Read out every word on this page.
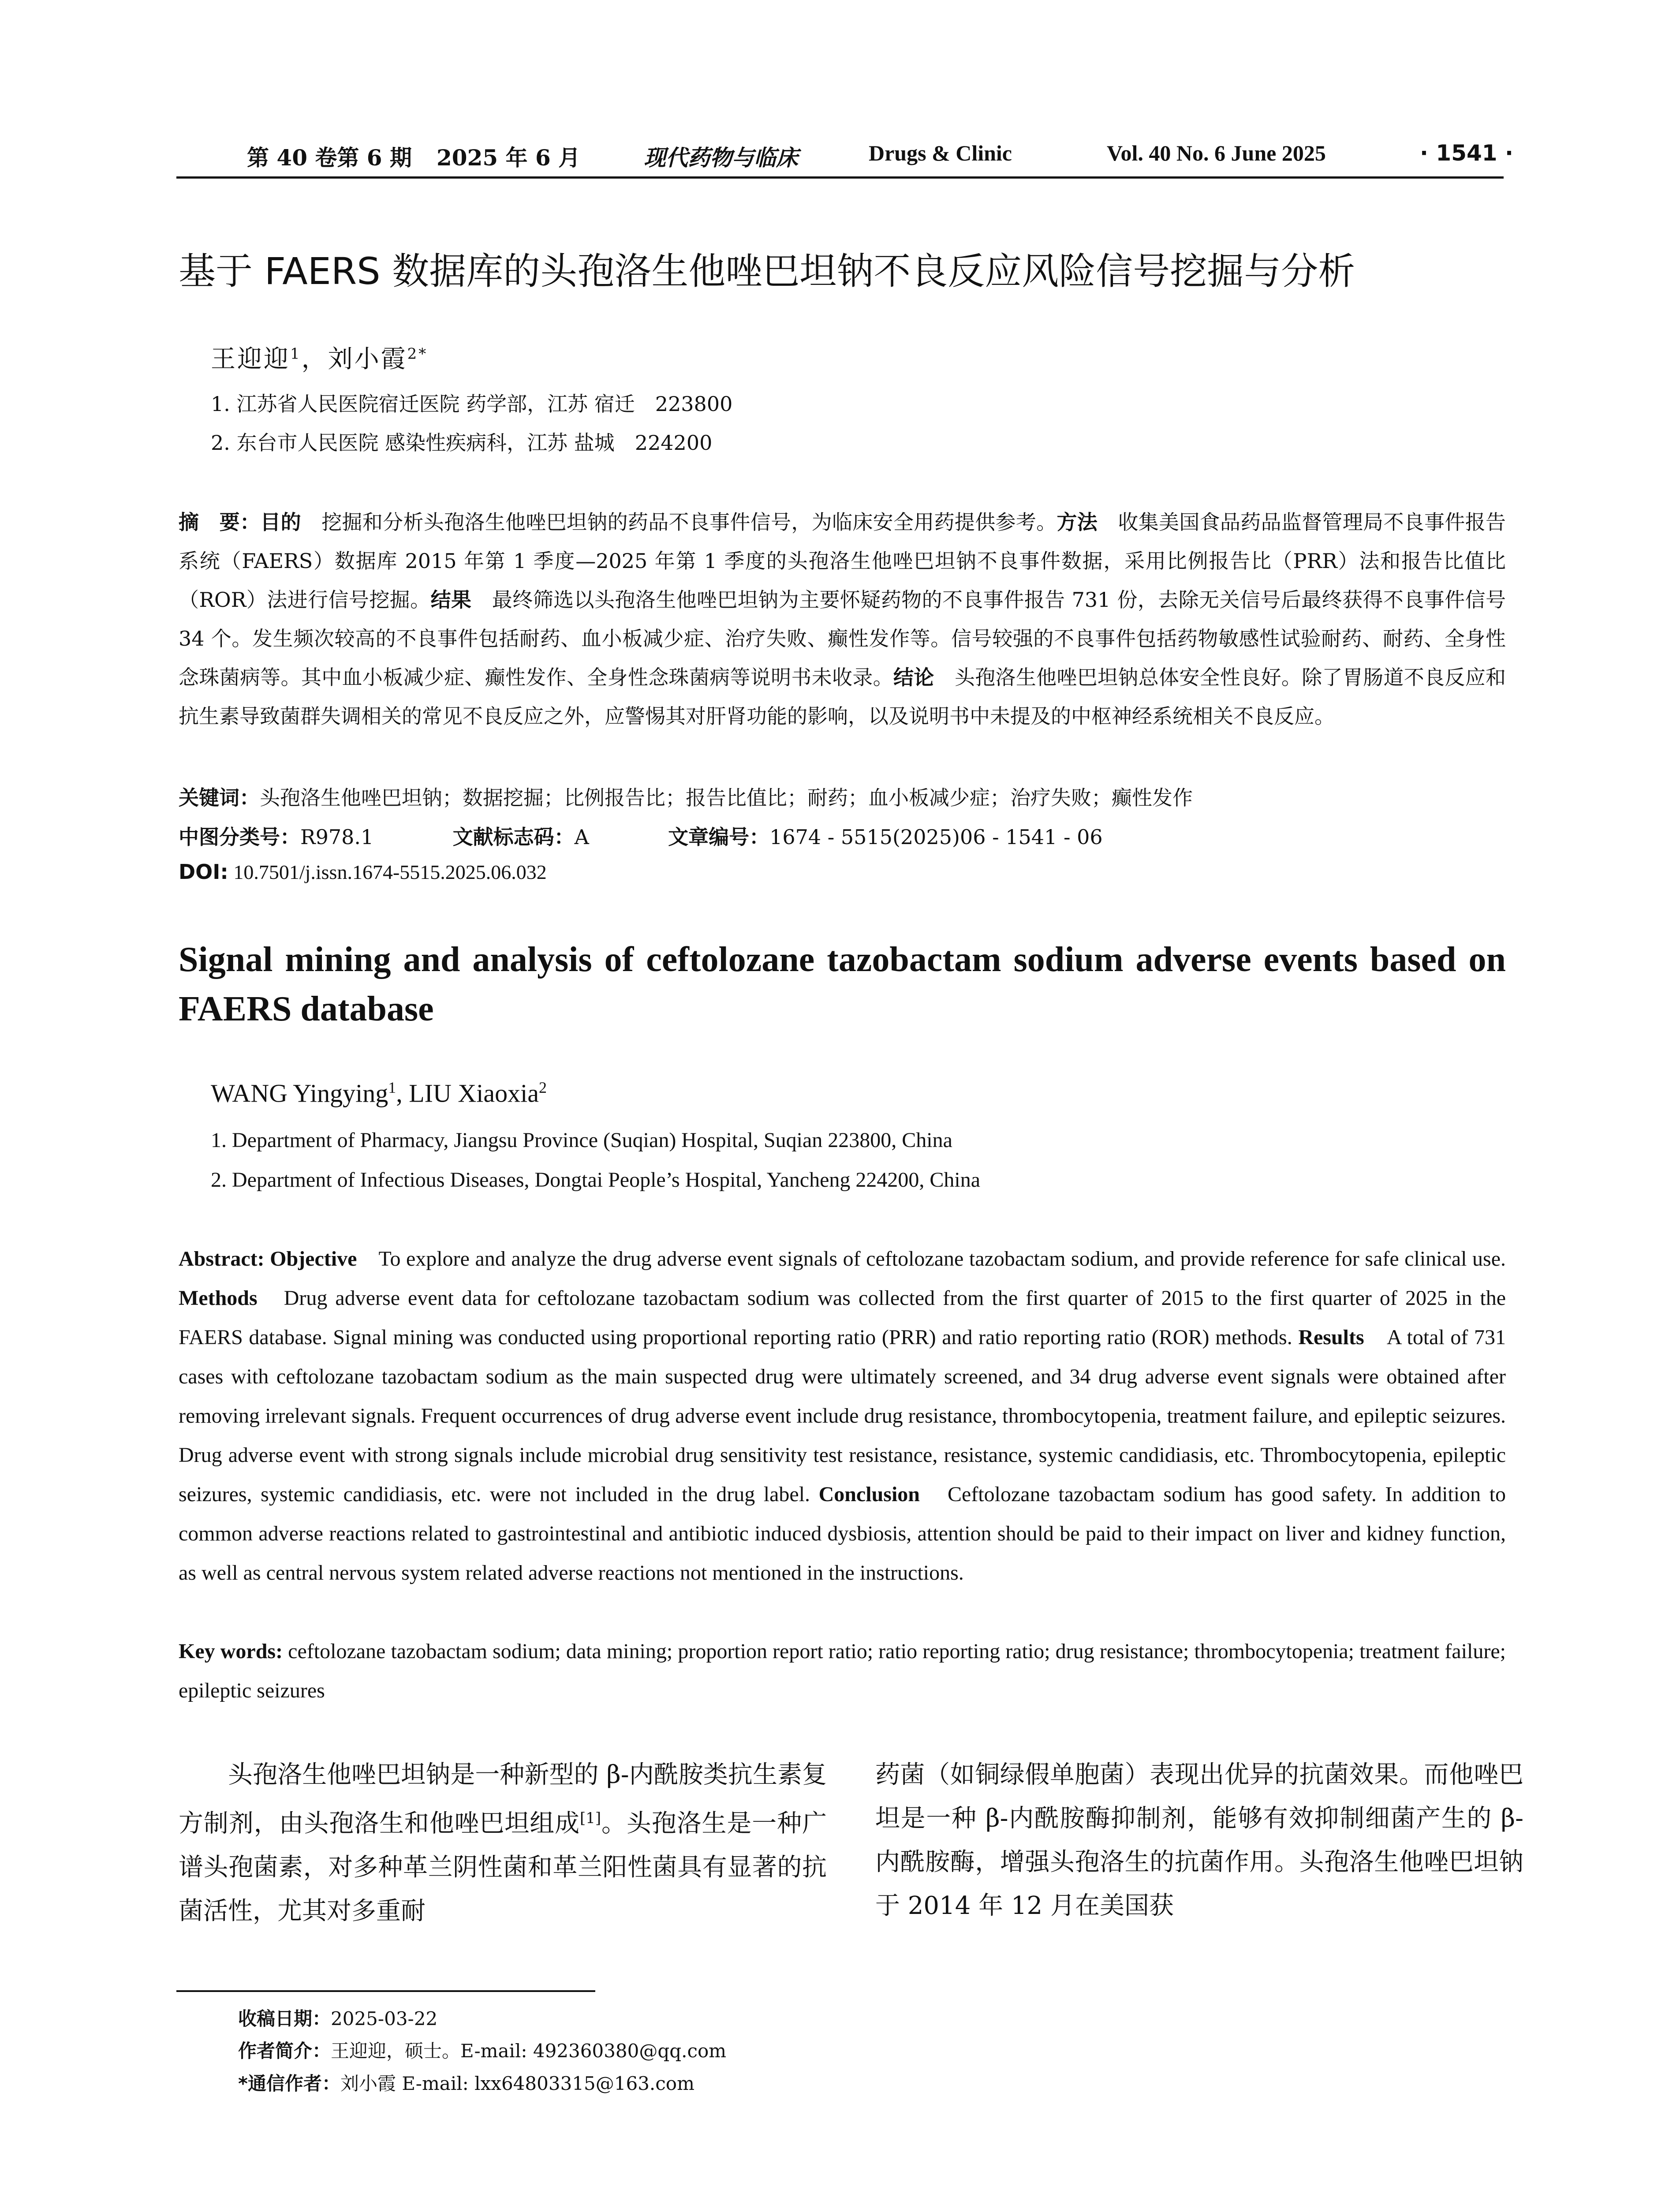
第 40 卷第 6 期 2025 年 6 月	现代药物与临床	Drugs & Clinic	Vol. 40 No. 6 June 2025	· 1541 ·
基于 FAERS 数据库的头孢洛生他唑巴坦钠不良反应风险信号挖掘与分析
王迎迎$^1$，刘小霞$^{2*}$
1. 江苏省人民医院宿迁医院 药学部，江苏 宿迁　223800
2. 东台市人民医院 感染性疾病科，江苏 盐城　224200
摘　要：目的　挖掘和分析头孢洛生他唑巴坦钠的药品不良事件信号，为临床安全用药提供参考。方法　收集美国食品药品监督管理局不良事件报告系统（FAERS）数据库 2015 年第 1 季度—2025 年第 1 季度的头孢洛生他唑巴坦钠不良事件数据，采用比例报告比（PRR）法和报告比值比（ROR）法进行信号挖掘。结果　最终筛选以头孢洛生他唑巴坦钠为主要怀疑药物的不良事件报告 731 份，去除无关信号后最终获得不良事件信号 34 个。发生频次较高的不良事件包括耐药、血小板减少症、治疗失败、癫性发作等。信号较强的不良事件包括药物敏感性试验耐药、耐药、全身性念珠菌病等。其中血小板减少症、癫性发作、全身性念珠菌病等说明书未收录。结论　头孢洛生他唑巴坦钠总体安全性良好。除了胃肠道不良反应和抗生素导致菌群失调相关的常见不良反应之外，应警惕其对肝肾功能的影响，以及说明书中未提及的中枢神经系统相关不良反应。
关键词：头孢洛生他唑巴坦钠；数据挖掘；比例报告比；报告比值比；耐药；血小板减少症；治疗失败；癫性发作
中图分类号：R978.1	文献标志码：A	文章编号：1674 - 5515(2025)06 - 1541 - 06
DOI: 10.7501/j.issn.1674-5515.2025.06.032
Signal mining and analysis of ceftolozane tazobactam sodium adverse events based on FAERS database
WANG Yingying$^1$, LIU Xiaoxia$^2$
1. Department of Pharmacy, Jiangsu Province (Suqian) Hospital, Suqian 223800, China
2. Department of Infectious Diseases, Dongtai People’s Hospital, Yancheng 224200, China
Abstract: Objective　To explore and analyze the drug adverse event signals of ceftolozane tazobactam sodium, and provide reference for safe clinical use. Methods　Drug adverse event data for ceftolozane tazobactam sodium was collected from the first quarter of 2015 to the first quarter of 2025 in the FAERS database. Signal mining was conducted using proportional reporting ratio (PRR) and ratio reporting ratio (ROR) methods. Results　A total of 731 cases with ceftolozane tazobactam sodium as the main suspected drug were ultimately screened, and 34 drug adverse event signals were obtained after removing irrelevant signals. Frequent occurrences of drug adverse event include drug resistance, thrombocytopenia, treatment failure, and epileptic seizures. Drug adverse event with strong signals include microbial drug sensitivity test resistance, resistance, systemic candidiasis, etc. Thrombocytopenia, epileptic seizures, systemic candidiasis, etc. were not included in the drug label. Conclusion　Ceftolozane tazobactam sodium has good safety. In addition to common adverse reactions related to gastrointestinal and antibiotic induced dysbiosis, attention should be paid to their impact on liver and kidney function, as well as central nervous system related adverse reactions not mentioned in the instructions.
Key words: ceftolozane tazobactam sodium; data mining; proportion report ratio; ratio reporting ratio; drug resistance; thrombocytopenia; treatment failure; epileptic seizures
头孢洛生他唑巴坦钠是一种新型的 β-内酰胺类抗生素复方制剂，由头孢洛生和他唑巴坦组成[1]。头孢洛生是一种广谱头孢菌素，对多种革兰阴性菌和革兰阳性菌具有显著的抗菌活性，尤其对多重耐
药菌（如铜绿假单胞菌）表现出优异的抗菌效果。而他唑巴坦是一种 β-内酰胺酶抑制剂，能够有效抑制细菌产生的 β-内酰胺酶，增强头孢洛生的抗菌作用。头孢洛生他唑巴坦钠于 2014 年 12 月在美国获
收稿日期：2025-03-22
作者简介：王迎迎，硕士。E-mail: 492360380@qq.com
*通信作者：刘小霞 E-mail: lxx64803315@163.com
